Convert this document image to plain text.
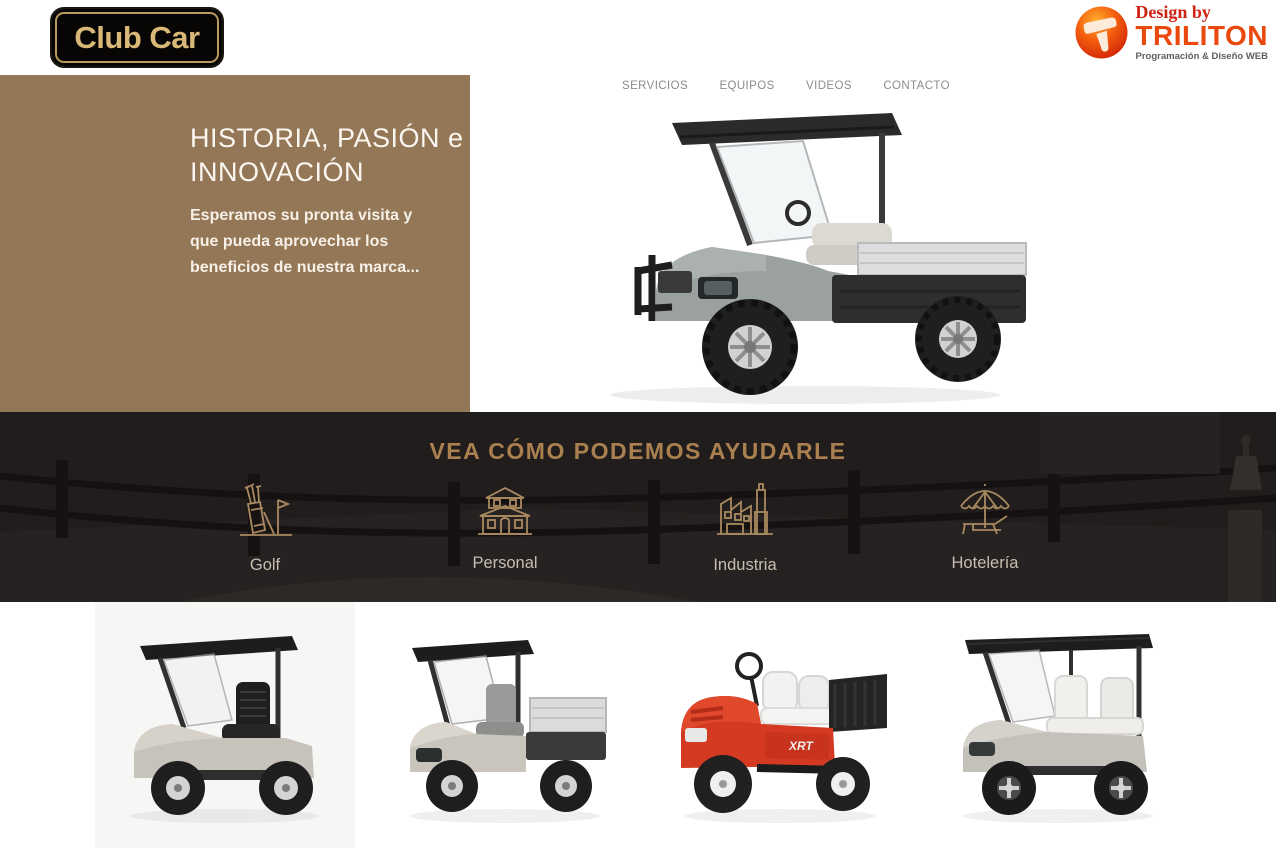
Club Car
Design by
TRILITON
Programación & Diseño WEB
SERVICIOS	EQUIPOS	VIDEOS	CONTACTO
HISTORIA, PASIÓN e INNOVACIÓN

Esperamos su pronta visita y que pueda aprovechar los beneficios de nuestra marca...

VEA CÓMO PODEMOS AYUDARLE
Golf	Personal	Industria	Hotelería
XRT
